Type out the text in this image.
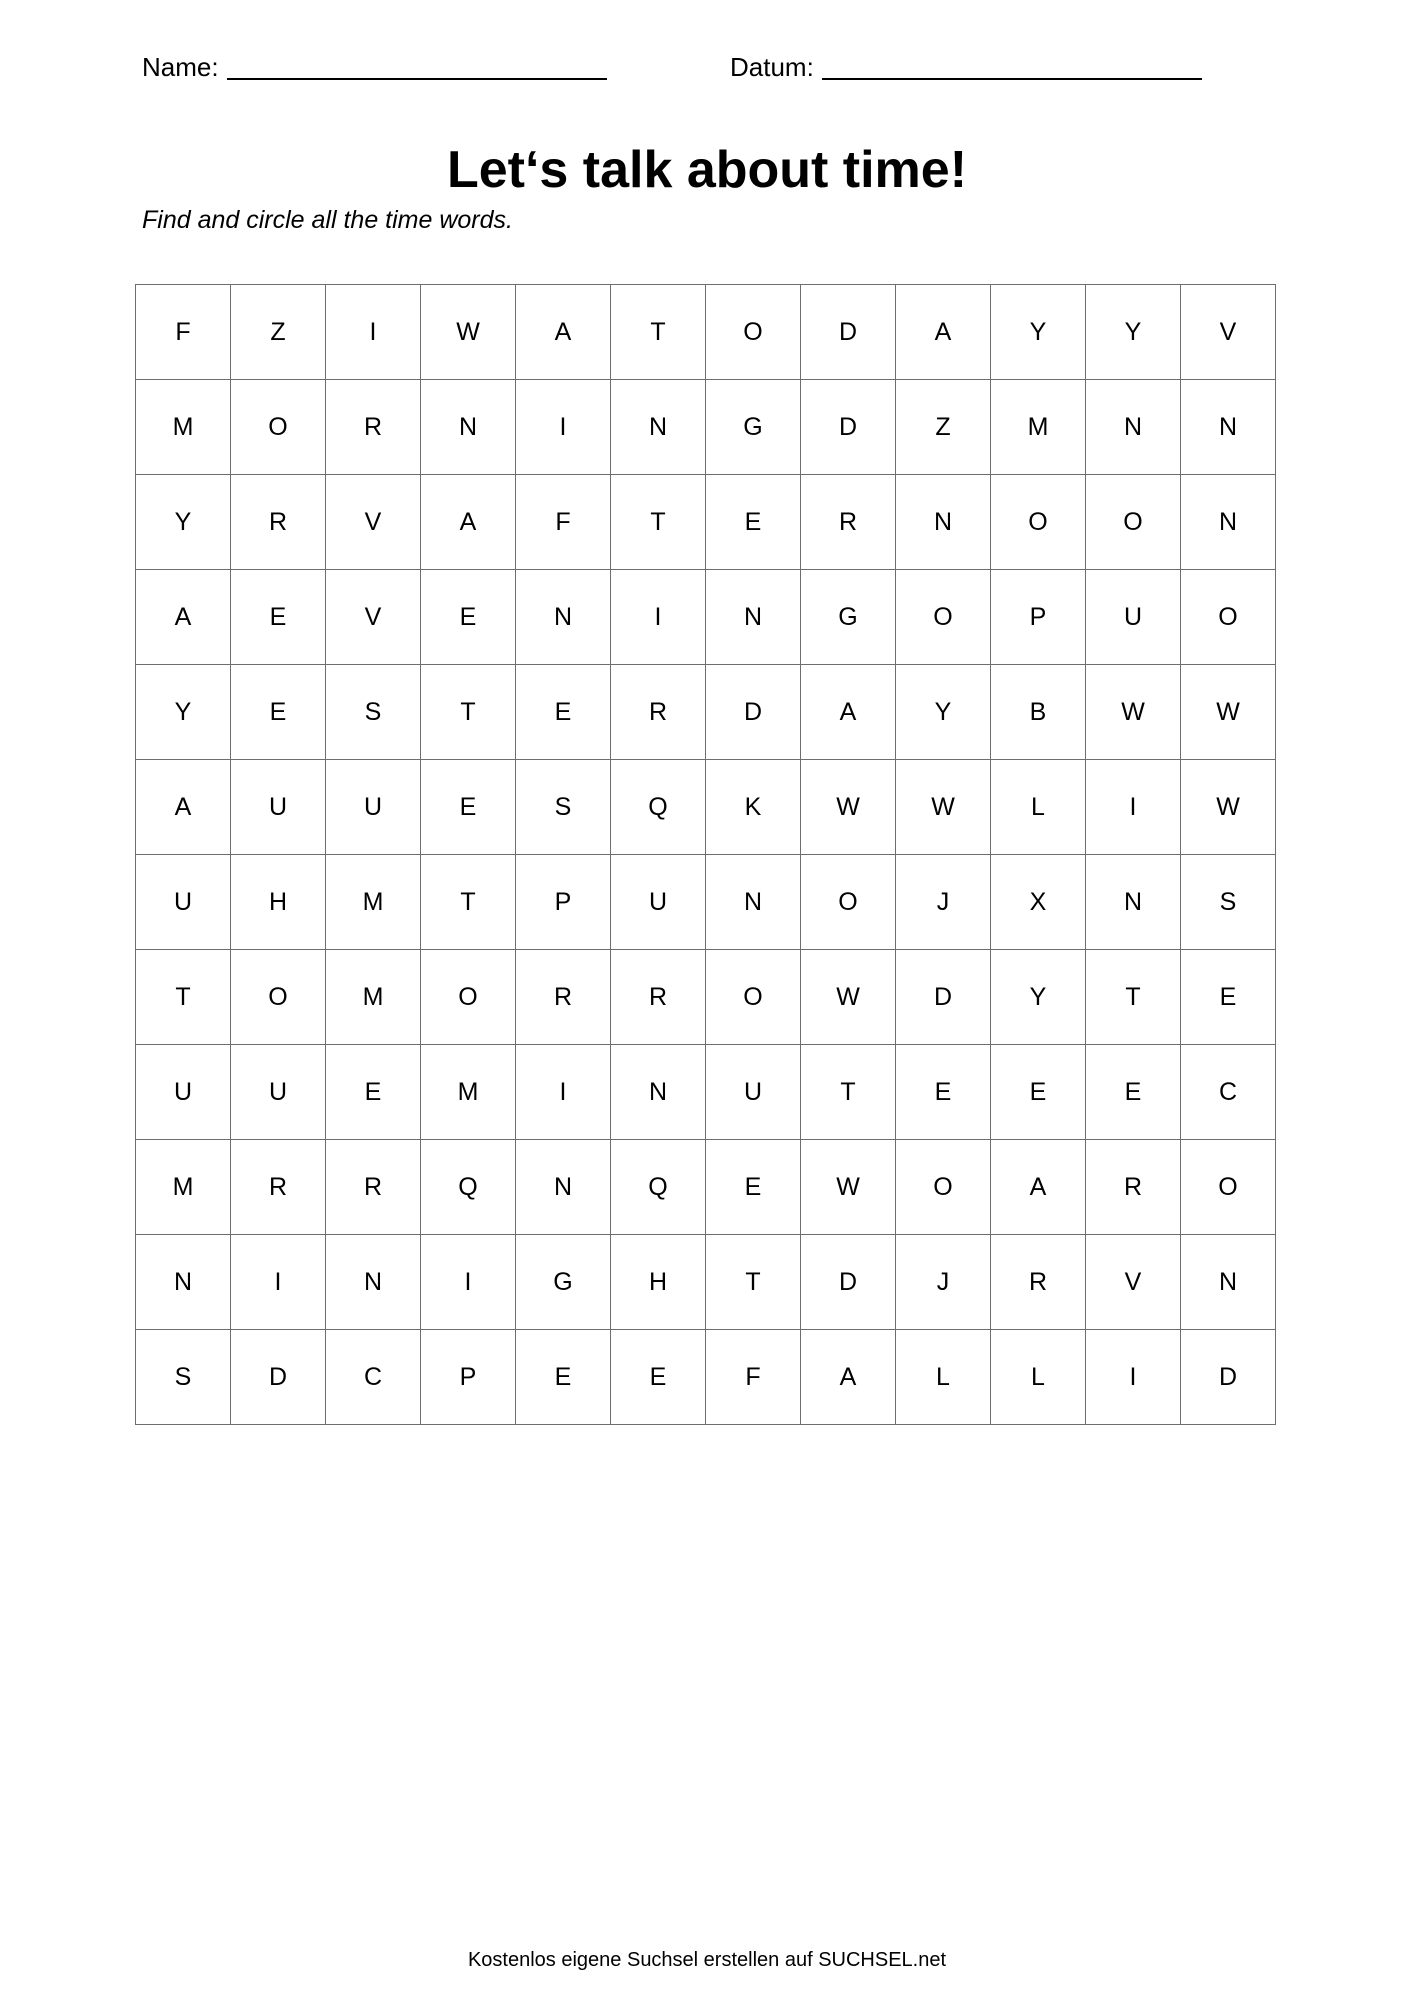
Name:	Datum:
Let‘s talk about time!
Find and circle all the time words.
F	Z	I	W	A	T	O	D	A	Y	Y	V
M	O	R	N	I	N	G	D	Z	M	N	N
Y	R	V	A	F	T	E	R	N	O	O	N
A	E	V	E	N	I	N	G	O	P	U	O
Y	E	S	T	E	R	D	A	Y	B	W	W
A	U	U	E	S	Q	K	W	W	L	I	W
U	H	M	T	P	U	N	O	J	X	N	S
T	O	M	O	R	R	O	W	D	Y	T	E
U	U	E	M	I	N	U	T	E	E	E	C
M	R	R	Q	N	Q	E	W	O	A	R	O
N	I	N	I	G	H	T	D	J	R	V	N
S	D	C	P	E	E	F	A	L	L	I	D
Kostenlos eigene Suchsel erstellen auf SUCHSEL.net
